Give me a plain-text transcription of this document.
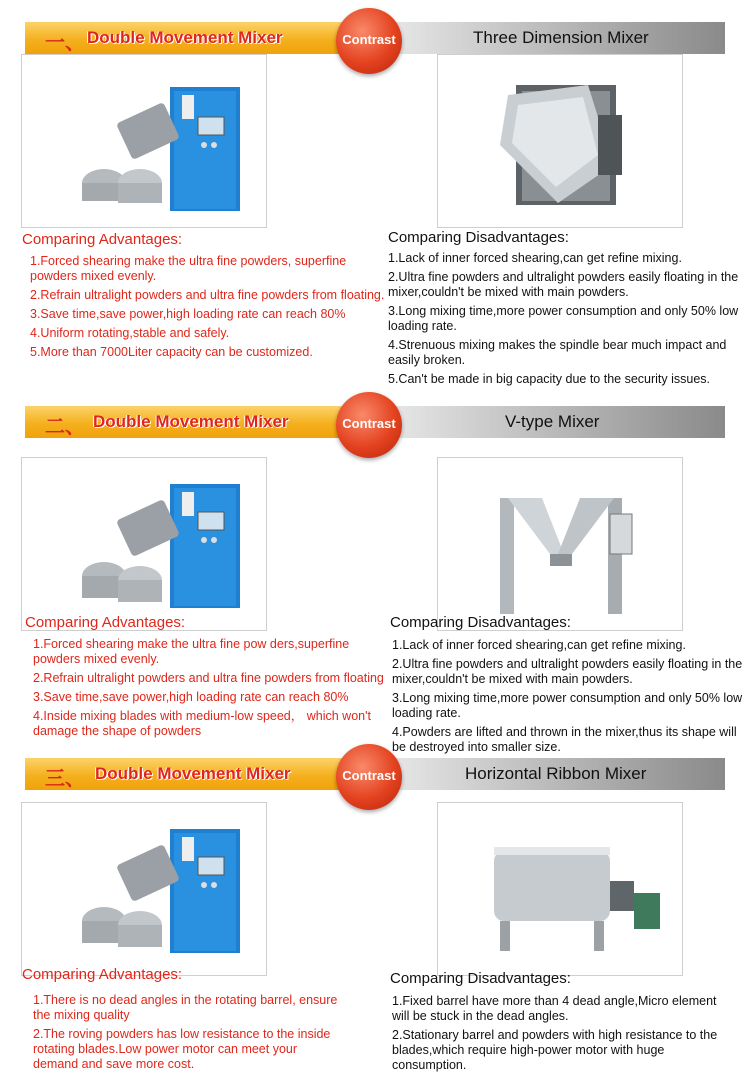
一、 Double Movement Mixer	Three Dimension Mixer
Contrast
Comparing Advantages:	Comparing Disadvantages:
1.Forced shearing make the ultra fine powders, superfine powders mixed evenly.
2.Refrain ultralight powders and ultra fine powders from floating.
3.Save time,save power,high loading rate can reach 80%
4.Uniform rotating,stable and safely.
5.More than 7000Liter capacity can be customized.
1.Lack of inner forced shearing,can get refine mixing.
2.Ultra fine powders and ultralight powders easily floating in the mixer,couldn't be mixed with main powders.
3.Long mixing time,more power consumption and only 50% low loading rate.
4.Strenuous mixing makes the spindle bear much impact and easily broken.
5.Can't be made in big capacity due to the security issues.
二、 Double Movement Mixer	V-type Mixer
Contrast
Comparing Advantages:	Comparing Disadvantages:
1.Forced shearing make the ultra fine pow ders,superfine powders mixed evenly.
2.Refrain ultralight powders and ultra fine powders from floating
3.Save time,save power,high loading rate can reach 80%
4.Inside mixing blades with medium-low speed， which won't damage the shape of powders
1.Lack of inner forced shearing,can get refine mixing.
2.Ultra fine powders and ultralight powders easily floating in the mixer,couldn't be mixed with main powders.
3.Long mixing time,more power consumption and only 50% low loading rate.
4.Powders are lifted and thrown in the mixer,thus its shape will be destroyed into smaller size.
三、 Double Movement Mixer	Horizontal Ribbon Mixer
Contrast
Comparing Advantages:	Comparing Disadvantages:
1.There is no dead angles in the rotating barrel, ensure the mixing quality
2.The roving powders has low resistance to the inside rotating blades.Low power motor can meet your demand and save more cost.
1.Fixed barrel have more than 4 dead angle,Micro element will be stuck in the dead angles.
2.Stationary barrel and powders with high resistance to the blades,which require high-power motor with huge consumption.
